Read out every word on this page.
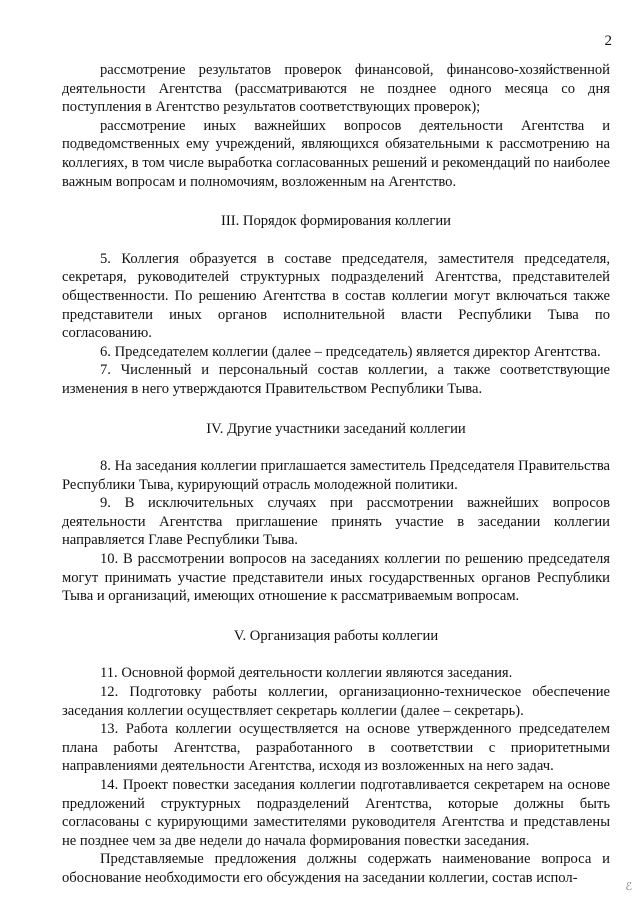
2

рассмотрение результатов проверок финансовой, финансово-хозяйственной деятельности Агентства (рассматриваются не позднее одного месяца со дня поступления в Агентство результатов соответствующих проверок);

рассмотрение иных важнейших вопросов деятельности Агентства и подведомственных ему учреждений, являющихся обязательными к рассмотрению на коллегиях, в том числе выработка согласованных решений и рекомендаций по наиболее важным вопросам и полномочиям, возложенным на Агентство.

III. Порядок формирования коллегии

5. Коллегия образуется в составе председателя, заместителя председателя, секретаря, руководителей структурных подразделений Агентства, представителей общественности. По решению Агентства в состав коллегии могут включаться также представители иных органов исполнительной власти Республики Тыва по согласованию.

6. Председателем коллегии (далее – председатель) является директор Агентства.

7. Численный и персональный состав коллегии, а также соответствующие изменения в него утверждаются Правительством Республики Тыва.

IV. Другие участники заседаний коллегии

8. На заседания коллегии приглашается заместитель Председателя Правительства Республики Тыва, курирующий отрасль молодежной политики.

9. В исключительных случаях при рассмотрении важнейших вопросов деятельности Агентства приглашение принять участие в заседании коллегии направляется Главе Республики Тыва.

10. В рассмотрении вопросов на заседаниях коллегии по решению председателя могут принимать участие представители иных государственных органов Республики Тыва и организаций, имеющих отношение к рассматриваемым вопросам.

V. Организация работы коллегии

11. Основной формой деятельности коллегии являются заседания.

12. Подготовку работы коллегии, организационно-техническое обеспечение заседания коллегии осуществляет секретарь коллегии (далее – секретарь).

13. Работа коллегии осуществляется на основе утвержденного председателем плана работы Агентства, разработанного в соответствии с приоритетными направлениями деятельности Агентства, исходя из возложенных на него задач.

14. Проект повестки заседания коллегии подготавливается секретарем на основе предложений структурных подразделений Агентства, которые должны быть согласованы с курирующими заместителями руководителя Агентства и представлены не позднее чем за две недели до начала формирования повестки заседания.

Представляемые предложения должны содержать наименование вопроса и обоснование необходимости его обсуждения на заседании коллегии, состав испол-

ℰ
